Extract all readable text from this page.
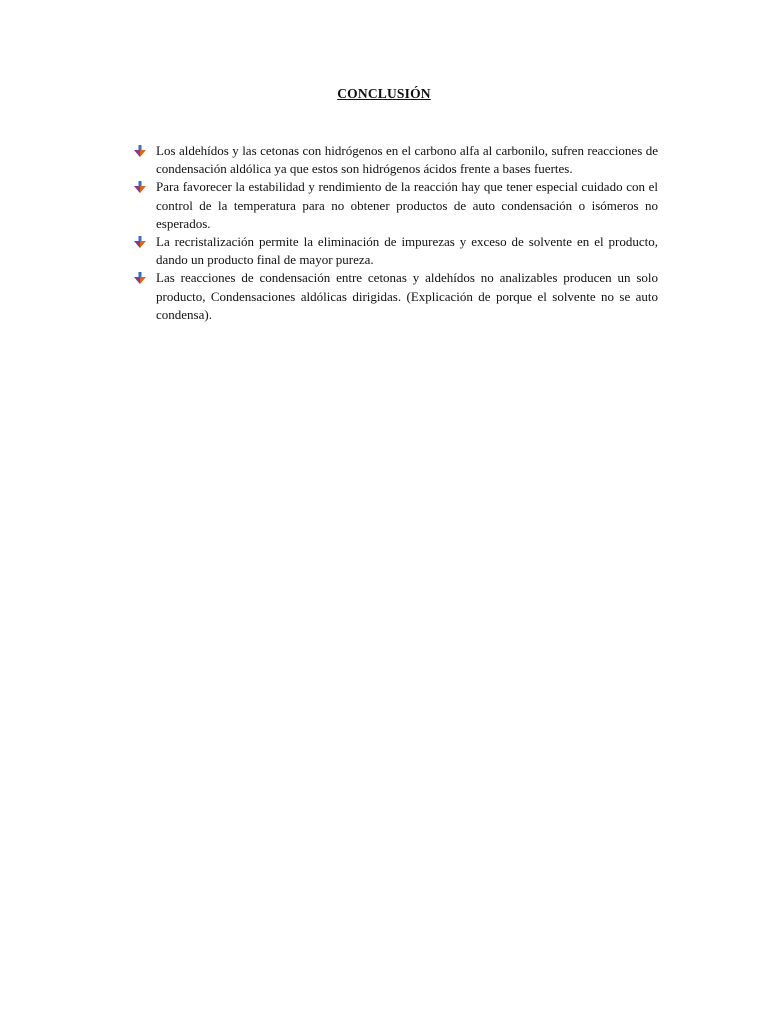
CONCLUSIÓN
Los aldehídos y las cetonas con hidrógenos en el carbono alfa al carbonilo, sufren reacciones de condensación aldólica ya que estos son hidrógenos ácidos frente a bases fuertes.
Para favorecer la estabilidad y rendimiento de la reacción hay que tener especial cuidado con el control de la temperatura para no obtener productos de auto condensación o isómeros no esperados.
La recristalización permite la eliminación de impurezas y exceso de solvente en el producto, dando un producto final de mayor pureza.
Las reacciones de condensación entre cetonas y aldehídos no analizables producen un solo producto, Condensaciones aldólicas dirigidas. (Explicación de porque el solvente no se auto condensa).
